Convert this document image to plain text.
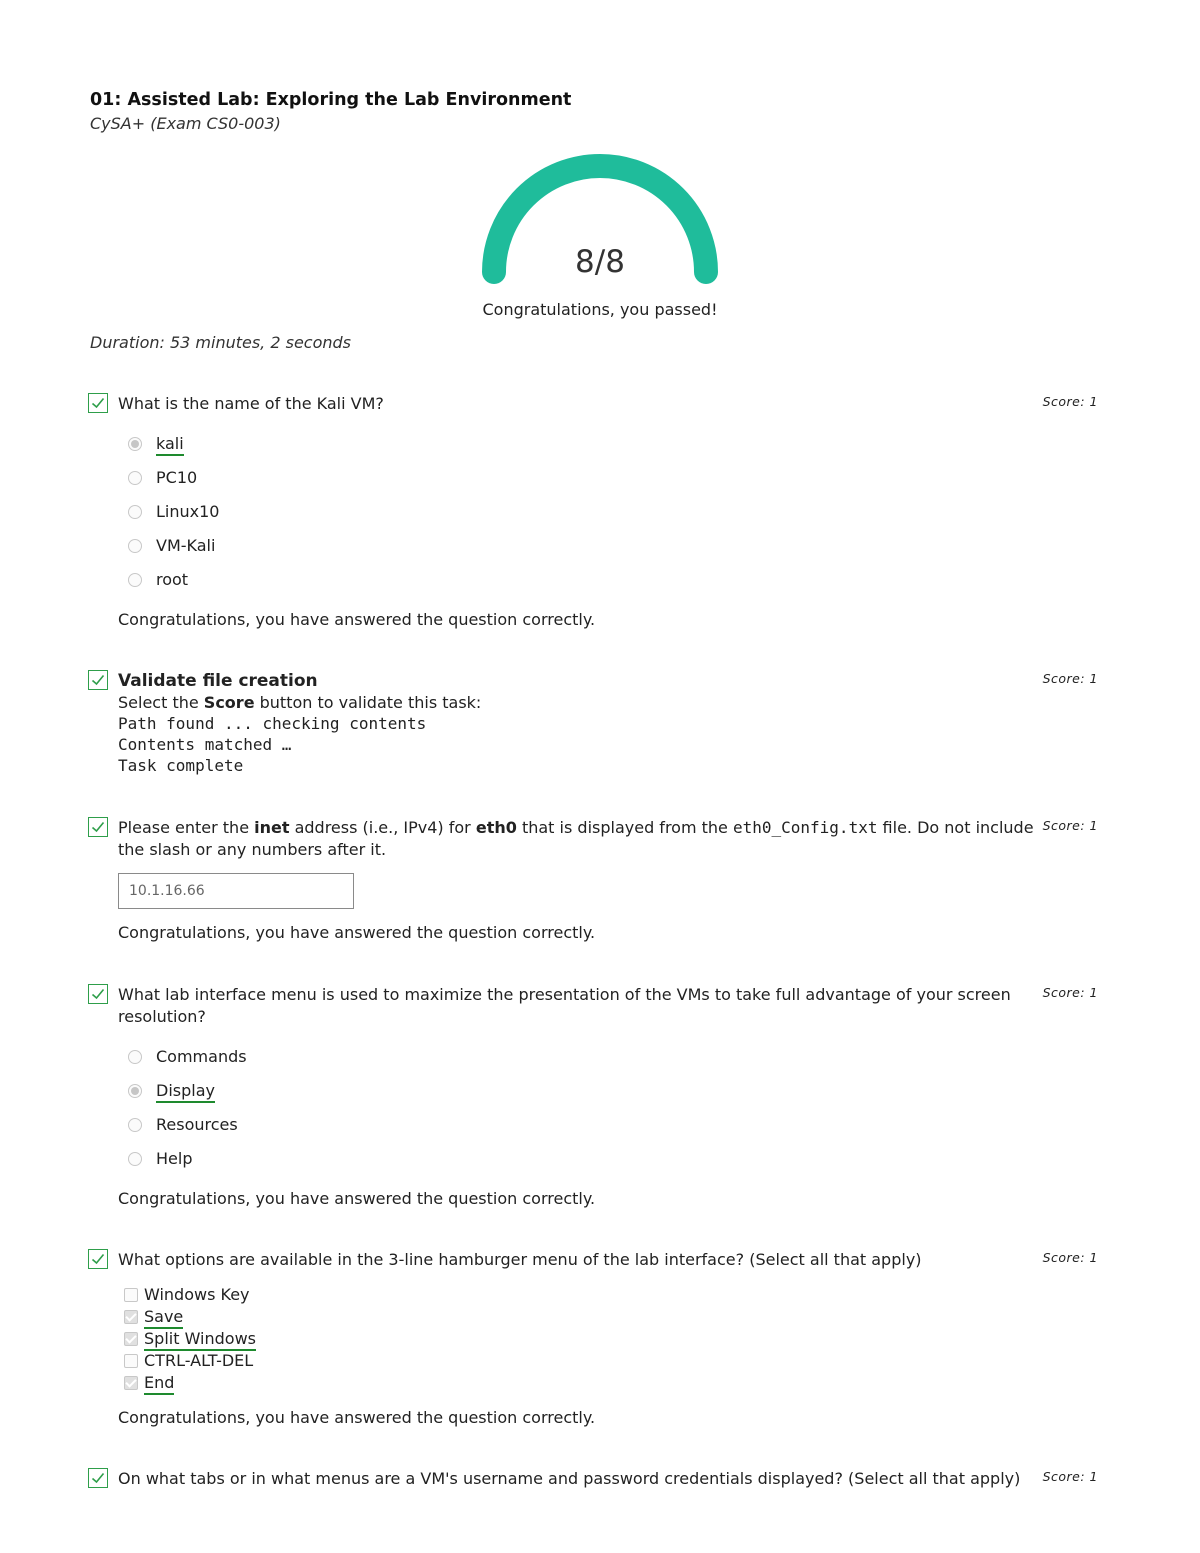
01: Assisted Lab: Exploring the Lab Environment
CySA+ (Exam CS0-003)
8/8
Congratulations, you passed!
Duration: 53 minutes, 2 seconds
What is the name of the Kali VM?	Score: 1
kali
PC10
Linux10
VM-Kali
root
Congratulations, you have answered the question correctly.
Validate file creation	Score: 1
Select the Score button to validate this task:
Path found ... checking contents
Contents matched …
Task complete
Please enter the inet address (i.e., IPv4) for eth0 that is displayed from the eth0_Config.txt file. Do not include the slash or any numbers after it.
Score: 1
10.1.16.66
Congratulations, you have answered the question correctly.
What lab interface menu is used to maximize the presentation of the VMs to take full advantage of your screen resolution?
Score: 1
Commands
Display
Resources
Help
Congratulations, you have answered the question correctly.
What options are available in the 3-line hamburger menu of the lab interface? (Select all that apply)	Score: 1
Windows Key
Save
Split Windows
CTRL-ALT-DEL
End
Congratulations, you have answered the question correctly.
On what tabs or in what menus are a VM's username and password credentials displayed? (Select all that apply)	Score: 1
